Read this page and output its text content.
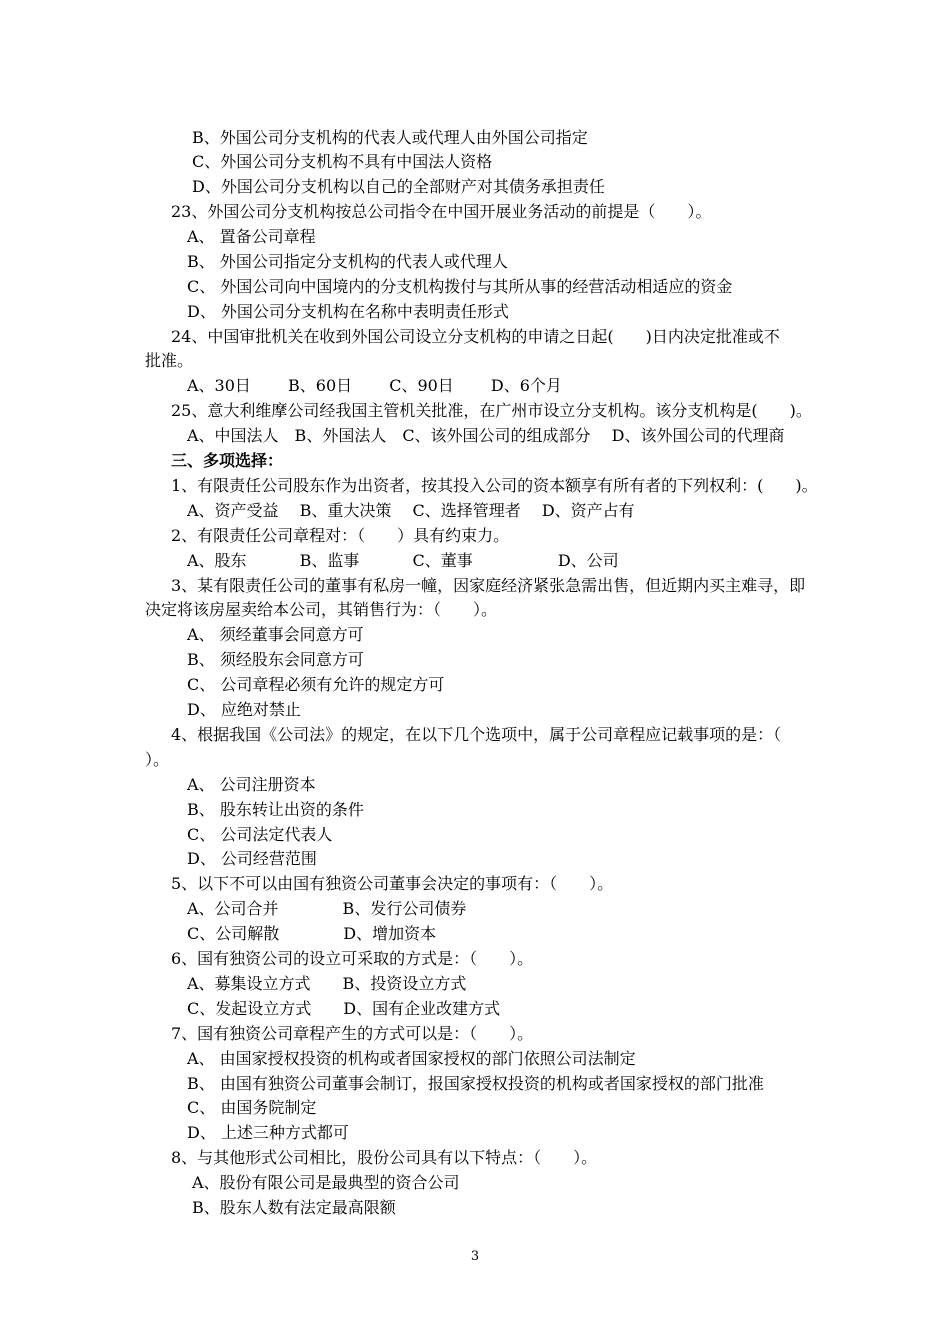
B、外国公司分支机构的代表人或代理人由外国公司指定
C、外国公司分支机构不具有中国法人资格
D、外国公司分支机构以自己的全部财产对其债务承担责任
23、外国公司分支机构按总公司指令在中国开展业务活动的前提是（　　）。
A、 置备公司章程
B、 外国公司指定分支机构的代表人或代理人
C、 外国公司向中国境内的分支机构拨付与其所从事的经营活动相适应的资金
D、 外国公司分支机构在名称中表明责任形式
24、中国审批机关在收到外国公司设立分支机构的申请之日起(　　)日内决定批准或不
批准。
A、30日　　 B、60日　　 C、90日　　 D、6个月
25、意大利维摩公司经我国主管机关批准，在广州市设立分支机构。该分支机构是(　　)。
A、中国法人　B、外国法人　C、该外国公司的组成部分　 D、该外国公司的代理商
三、多项选择：
1、有限责任公司股东作为出资者，按其投入公司的资本额享有所有者的下列权利：(　　)。
A、资产受益　 B、重大决策　 C、选择管理者　 D、资产占有
2、有限责任公司章程对：（　　）具有约束力。
A、股东　　　 B、监事　　　 C、董事　　　　　 D、公司
3、某有限责任公司的董事有私房一幢，因家庭经济紧张急需出售，但近期内买主难寻，即
决定将该房屋卖给本公司，其销售行为：（　　）。
A、 须经董事会同意方可
B、 须经股东会同意方可
C、 公司章程必须有允许的规定方可
D、 应绝对禁止
4、根据我国《公司法》的规定，在以下几个选项中，属于公司章程应记载事项的是：（
）。
A、 公司注册资本
B、 股东转让出资的条件
C、 公司法定代表人
D、 公司经营范围
5、以下不可以由国有独资公司董事会决定的事项有：（　　）。
A、公司合并　　　　B、发行公司债券
C、公司解散　　　　D、增加资本
6、国有独资公司的设立可采取的方式是：（　　）。
A、募集设立方式　　B、投资设立方式
C、发起设立方式　　D、国有企业改建方式
7、国有独资公司章程产生的方式可以是：（　　）。
A、 由国家授权投资的机构或者国家授权的部门依照公司法制定
B、 由国有独资公司董事会制订，报国家授权投资的机构或者国家授权的部门批准
C、 由国务院制定
D、 上述三种方式都可
8、与其他形式公司相比，股份公司具有以下特点：（　　）。
A、股份有限公司是最典型的资合公司
B、股东人数有法定最高限额
3
